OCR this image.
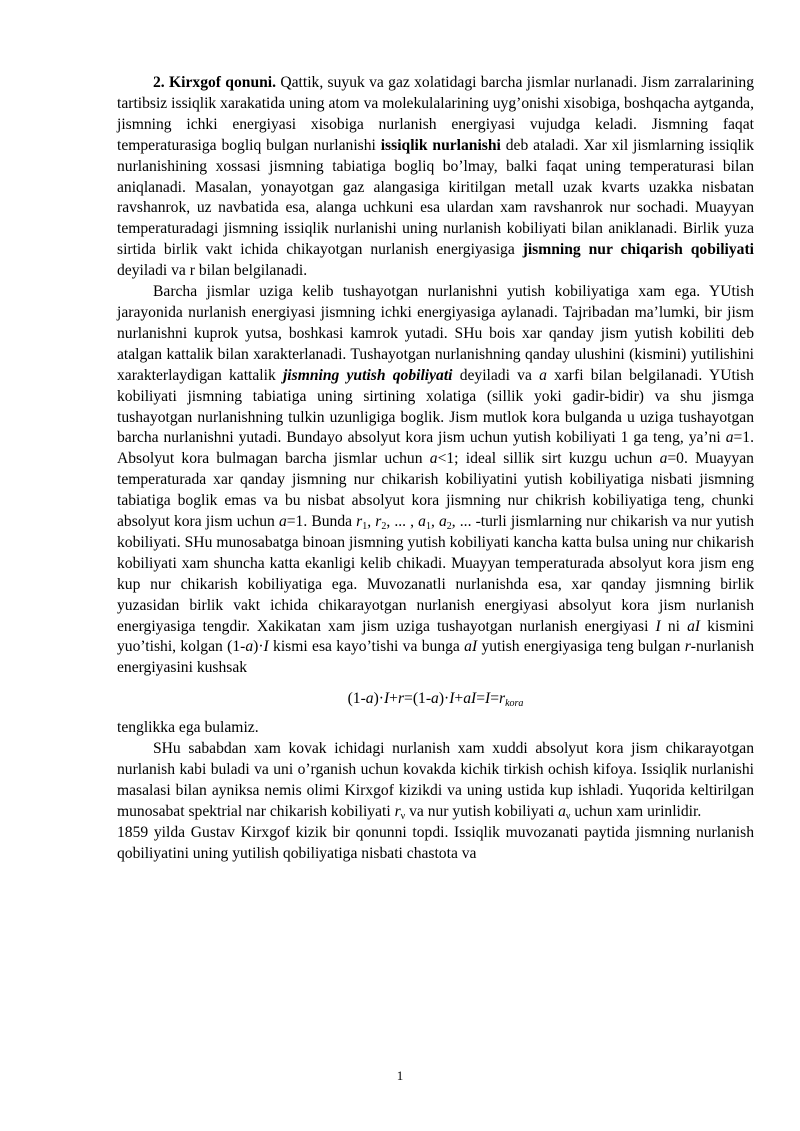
2. Kirxgof qonuni. Qattik, suyuk va gaz xolatidagi barcha jismlar nurlanadi. Jism zarralarining tartibsiz issiqlik xarakatida uning atom va molekulalarining uyg’onishi xisobiga, boshqacha aytganda, jismning ichki energiyasi xisobiga nurlanish energiyasi vujudga keladi. Jismning faqat temperaturasiga bogliq bulgan nurlanishi issiqlik nurlanishi deb ataladi. Xar xil jismlarning issiqlik nurlanishining xossasi jismning tabiatiga bogliq bo’lmay, balki faqat uning temperaturasi bilan aniqlanadi. Masalan, yonayotgan gaz alangasiga kiritilgan metall uzak kvarts uzakka nisbatan ravshanrok, uz navbatida esa, alanga uchkuni esa ulardan xam ravshanrok nur sochadi. Muayyan temperaturadagi jismning issiqlik nurlanishi uning nurlanish kobiliyati bilan aniklanadi. Birlik yuza sirtida birlik vakt ichida chikayotgan nurlanish energiyasiga jismning nur chiqarish qobiliyati deyiladi va r bilan belgilanadi.

Barcha jismlar uziga kelib tushayotgan nurlanishni yutish kobiliyatiga xam ega. YUtish jarayonida nurlanish energiyasi jismning ichki energiyasiga aylanadi. Tajribadan ma’lumki, bir jism nurlanishni kuprok yutsa, boshkasi kamrok yutadi. SHu bois xar qanday jism yutish kobiliti deb atalgan kattalik bilan xarakterlanadi. Tushayotgan nurlanishning qanday ulushini (kismini) yutilishini xarakterlaydigan kattalik jismning yutish qobiliyati deyiladi va a xarfi bilan belgilanadi. YUtish kobiliyati jismning tabiatiga uning sirtining xolatiga (sillik yoki gadir-bidir) va shu jismga tushayotgan nurlanishning tulkin uzunligiga boglik. Jism mutlok kora bulganda u uziga tushayotgan barcha nurlanishni yutadi. Bundayo absolyut kora jism uchun yutish kobiliyati 1 ga teng, ya’ni a=1. Absolyut kora bulmagan barcha jismlar uchun a<1; ideal sillik sirt kuzgu uchun a=0. Muayyan temperaturada xar qanday jismning nur chikarish kobiliyatini yutish kobiliyatiga nisbati jismning tabiatiga boglik emas va bu nisbat absolyut kora jismning nur chikrish kobiliyatiga teng, chunki absolyut kora jism uchun a=1. Bunda $r_1$, $r_2$, ... , $a_1$, $a_2$, ... -turli jismlarning nur chikarish va nur yutish kobiliyati. SHu munosabatga binoan jismning yutish kobiliyati kancha katta bulsa uning nur chikarish kobiliyati xam shuncha katta ekanligi kelib chikadi. Muayyan temperaturada absolyut kora jism eng kup nur chikarish kobiliyatiga ega. Muvozanatli nurlanishda esa, xar qanday jismning birlik yuzasidan birlik vakt ichida chikarayotgan nurlanish energiyasi absolyut kora jism nurlanish energiyasiga tengdir. Xakikatan xam jism uziga tushayotgan nurlanish energiyasi I ni aI kismini yuo’tishi, kolgan (1-a)·I kismi esa kayo’tishi va bunga aI yutish energiyasiga teng bulgan r-nurlanish energiyasini kushsak

$(1-a)\cdot I+r=(1-a)\cdot I+aI=I=r_{kora}$

tenglikka ega bulamiz.

SHu sababdan xam kovak ichidagi nurlanish xam xuddi absolyut kora jism chikarayotgan nurlanish kabi buladi va uni o’rganish uchun kovakda kichik tirkish ochish kifoya. Issiqlik nurlanishi masalasi bilan ayniksa nemis olimi Kirxgof kizikdi va uning ustida kup ishladi. Yuqorida keltirilgan munosabat spektrial nar chikarish kobiliyati $r_\nu$ va nur yutish kobiliyati $a_\nu$ uchun xam urinlidir.

1859 yilda Gustav Kirxgof kizik bir qonunni topdi. Issiqlik muvozanati paytida jismning nurlanish qobiliyatini uning yutilish qobiliyatiga nisbati chastota va

1
